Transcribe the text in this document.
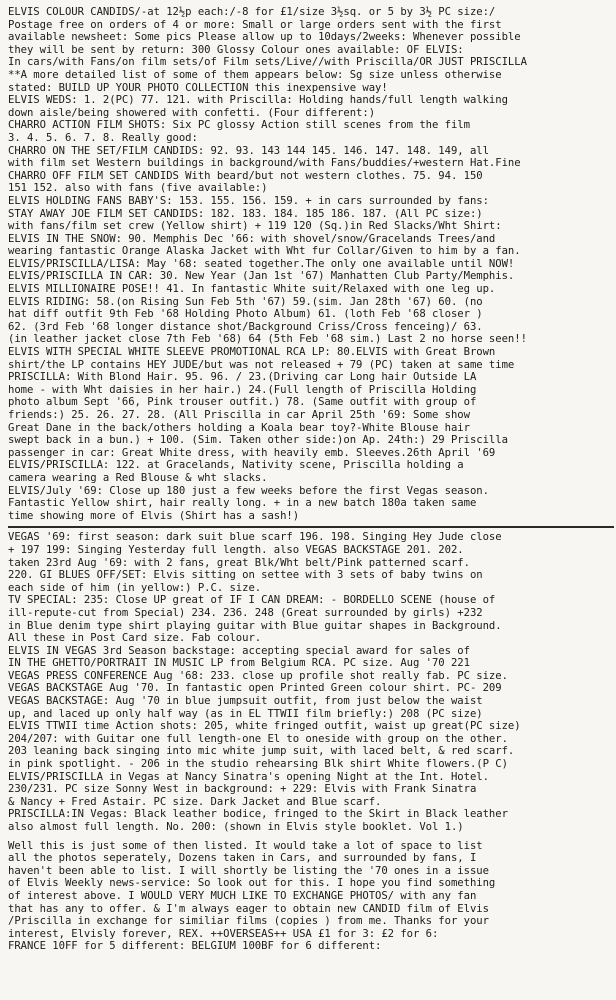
ELVIS COLOUR CANDIDS/-at 12½p each:/-8 for £1/size 3½sq. or 5 by 3½ PC size:/
Postage free on orders of 4 or more: Small or large orders sent with the first
available newsheet: Some pics Please allow up to 10days/2weeks: Whenever possible
they will be sent by return: 300 Glossy Colour ones available: OF ELVIS:
In cars/with Fans/on film sets/of Film sets/Live//with Priscilla/OR JUST PRISCILLA
**A more detailed list of some of them appears below: Sg size unless otherwise
stated: BUILD UP YOUR PHOTO COLLECTION this inexpensive way!
ELVIS WEDS: 1. 2(PC) 77. 121. with Priscilla: Holding hands/full length walking
down aisle/being showered with confetti. (Four different:)
CHARRO ACTION FILM SHOTS: Six PC glossy Action still scenes from the film
3. 4. 5. 6. 7. 8. Really good:
CHARRO ON THE SET/FILM CANDIDS: 92. 93. 143 144 145. 146. 147. 148. 149, all
with film set Western buildings in background/with Fans/buddies/+western Hat.Fine
CHARRO OFF FILM SET CANDIDS With beard/but not western clothes. 75. 94. 150
151 152. also with fans (five available:)
ELVIS HOLDING FANS BABY'S: 153. 155. 156. 159. + in cars surrounded by fans:
STAY AWAY JOE FILM SET CANDIDS: 182. 183. 184. 185 186. 187. (All PC size:)
with fans/film set crew (Yellow shirt) + 119 120 (Sq.)in Red Slacks/Wht Shirt:
ELVIS IN THE SNOW: 90. Memphis Dec '66: with shovel/snow/Gracelands Trees/and
wearing fantastic Orange Alaska Jacket with Wht fur Collar/Given to him by a fan.
ELVIS/PRISCILLA/LISA: May '68: seated together.The only one available until NOW!
ELVIS/PRISCILLA IN CAR: 30. New Year (Jan 1st '67) Manhatten Club Party/Memphis.
ELVIS MILLIONAIRE POSE!! 41. In fantastic White suit/Relaxed with one leg up.
ELVIS RIDING: 58.(on Rising Sun Feb 5th '67) 59.(sim. Jan 28th '67) 60. (no
hat diff outfit 9th Feb '68 Holding Photo Album) 61. (loth Feb '68 closer )
62. (3rd Feb '68 longer distance shot/Background Criss/Cross fenceing)/ 63.
(in leather jacket close 7th Feb '68) 64 (5th Feb '68 sim.) Last 2 no horse seen!!
ELVIS WITH SPECIAL WHITE SLEEVE PROMOTIONAL RCA LP: 80.ELVIS with Great Brown
shirt/the LP contains HEY JUDE/but was not released + 79 (PC) taken at same time
PRISCILLA: With Blond Hair. 95. 96. / 23.(Driving car Long hair Outside LA
home - with Wht daisies in her hair.) 24.(Full length of Priscilla Holding
photo album Sept '66, Pink trouser outfit.) 78. (Same outfit with group of
friends:) 25. 26. 27. 28. (All Priscilla in car April 25th '69: Some show
Great Dane in the back/others holding a Koala bear toy?-White Blouse hair
swept back in a bun.) + 100. (Sim. Taken other side:)on Ap. 24th:) 29 Priscilla
passenger in car: Great White dress, with heavily emb. Sleeves.26th April '69
ELVIS/PRISCILLA: 122. at Gracelands, Nativity scene, Priscilla holding a
camera wearing a Red Blouse & wht slacks.
ELVIS/July '69: Close up 180 just a few weeks before the first Vegas season.
Fantastic Yellow shirt, hair really long. + in a new batch 180a taken same
time showing more of Elvis (Shirt has a sash!)
VEGAS '69: first season: dark suit blue scarf 196. 198. Singing Hey Jude close
+ 197 199: Singing Yesterday full length. also VEGAS BACKSTAGE 201. 202.
taken 23rd Aug '69: with 2 fans, great Blk/Wht belt/Pink patterned scarf.
220. GI BLUES OFF/SET: Elvis sitting on settee with 3 sets of baby twins on
each side of him (in yellow:) P.C. size.
TV SPECIAL: 235: Close UP great of IF I CAN DREAM: - BORDELLO SCENE (house of
ill-repute-cut from Special) 234. 236. 248 (Great surrounded by girls) +232
in Blue denim type shirt playing guitar with Blue guitar shapes in Background.
All these in Post Card size. Fab colour.
ELVIS IN VEGAS 3rd Season backstage: accepting special award for sales of
IN THE GHETTO/PORTRAIT IN MUSIC LP from Belgium RCA. PC size. Aug '70 221
VEGAS PRESS CONFERENCE Aug '68: 233. close up profile shot really fab. PC size.
VEGAS BACKSTAGE Aug '70. In fantastic open Printed Green colour shirt. PC- 209
VEGAS BACKSTAGE: Aug '70 in blue jumpsuit outfit, from just below the waist
up, and laced up only half way (as in EL TTWII film briefly:) 208 (PC size)
ELVIS TTWII time Action shots: 205, white fringed outfit, waist up great(PC size)
204/207: with Guitar one full length-one El to oneside with group on the other.
203 leaning back singing into mic white jump suit, with laced belt, & red scarf.
in pink spotlight. - 206 in the studio rehearsing Blk shirt White flowers.(P C)
ELVIS/PRISCILLA in Vegas at Nancy Sinatra's opening Night at the Int. Hotel.
230/231. PC size Sonny West in background: + 229: Elvis with Frank Sinatra
& Nancy + Fred Astair. PC size. Dark Jacket and Blue scarf.
PRISCILLA:IN Vegas: Black leather bodice, fringed to the Skirt in Black leather
also almost full length. No. 200: (shown in Elvis style booklet. Vol 1.)
Well this is just some of then listed. It would take a lot of space to list
all the photos seperately, Dozens taken in Cars, and surrounded by fans, I
haven't been able to list. I will shortly be listing the '70 ones in a issue
of Elvis Weekly news-service: So look out for this. I hope you find something
of interest above. I WOULD VERY MUCH LIKE TO EXCHANGE PHOTOS/ with any fan
that has any to offer. & I'm always eager to obtain new CANDID film of Elvis
/Priscilla in exchange for similiar films (copies ) from me. Thanks for your
interest, Elvisly forever, REX. ++OVERSEAS++ USA £1 for 3: £2 for 6:
FRANCE 10FF for 5 different: BELGIUM 100BF for 6 different:
